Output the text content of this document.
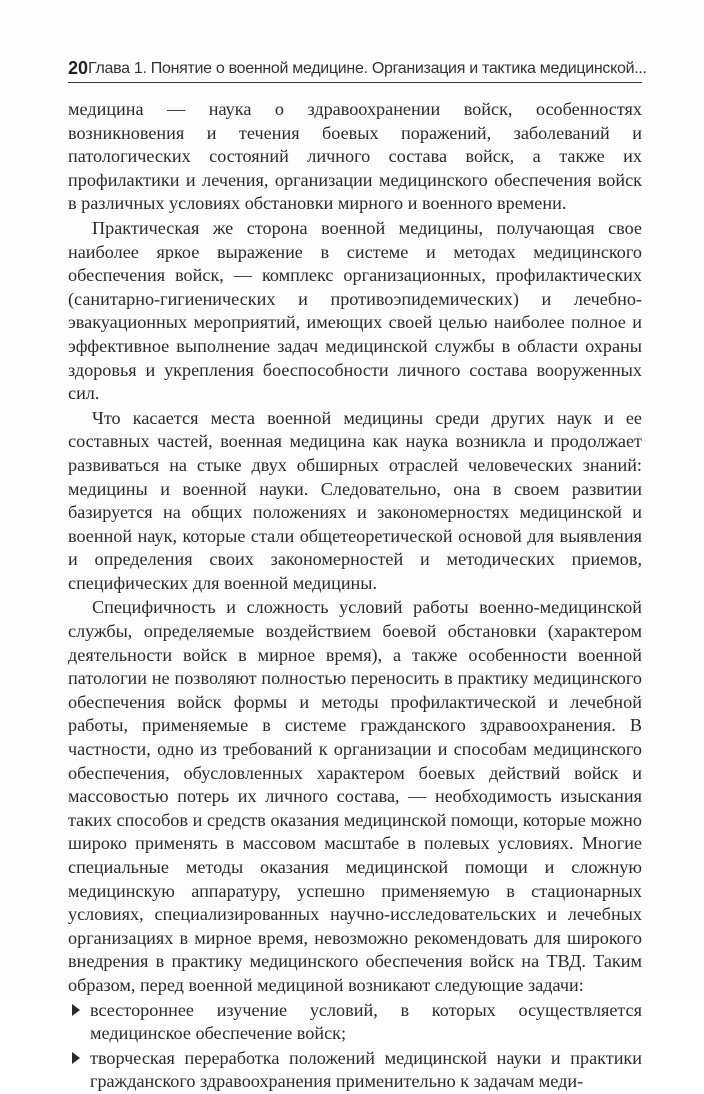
20 Глава 1. Понятие о военной медицине. Организация и тактика медицинской...

медицина — наука о здравоохранении войск, особенностях возникновения и течения боевых поражений, заболеваний и патологических состояний личного состава войск, а также их профилактики и лечения, организации медицинского обеспечения войск в различных условиях обстановки мирного и военного времени.

Практическая же сторона военной медицины, получающая свое наиболее яркое выражение в системе и методах медицинского обеспечения войск, — комплекс организационных, профилактических (санитарно-гигиенических и противоэпидемических) и лечебно-эвакуационных мероприятий, имеющих своей целью наиболее полное и эффективное выполнение задач медицинской службы в области охраны здоровья и укрепления боеспособности личного состава вооруженных сил.

Что касается места военной медицины среди других наук и ее составных частей, военная медицина как наука возникла и продолжает развиваться на стыке двух обширных отраслей человеческих знаний: медицины и военной науки. Следовательно, она в своем развитии базируется на общих положениях и закономерностях медицинской и военной наук, которые стали общетеоретической основой для выявления и определения своих закономерностей и методических приемов, специфических для военной медицины.

Специфичность и сложность условий работы военно-медицинской службы, определяемые воздействием боевой обстановки (характером деятельности войск в мирное время), а также особенности военной патологии не позволяют полностью переносить в практику медицинского обеспечения войск формы и методы профилактической и лечебной работы, применяемые в системе гражданского здравоохранения. В частности, одно из требований к организации и способам медицинского обеспечения, обусловленных характером боевых действий войск и массовостью потерь их личного состава, — необходимость изыскания таких способов и средств оказания медицинской помощи, которые можно широко применять в массовом масштабе в полевых условиях. Многие специальные методы оказания медицинской помощи и сложную медицинскую аппаратуру, успешно применяемую в стационарных условиях, специализированных научно-исследовательских и лечебных организациях в мирное время, невозможно рекомендовать для широкого внедрения в практику медицинского обеспечения войск на ТВД. Таким образом, перед военной медициной возникают следующие задачи:

всестороннее изучение условий, в которых осуществляется медицинское обеспечение войск;
творческая переработка положений медицинской науки и практики гражданского здравоохранения применительно к задачам меди-
